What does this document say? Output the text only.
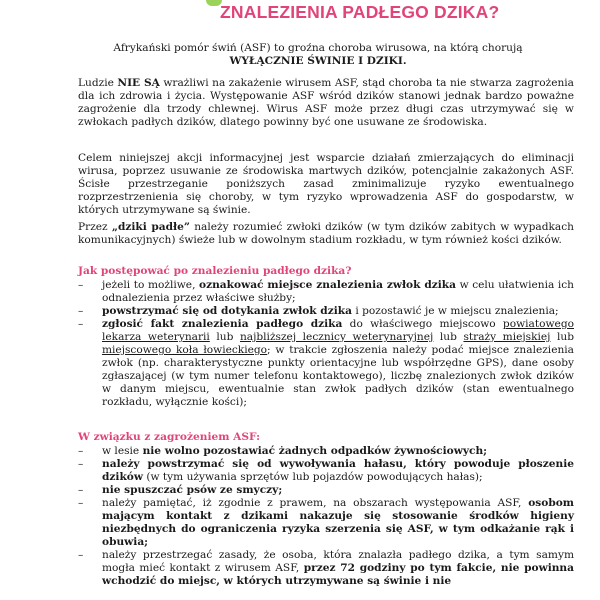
ZNALEZIENIA PADŁEGO DZIKA?

Afrykański pomór świń (ASF) to groźna choroba wirusowa, na którą chorują
WYŁĄCZNIE ŚWINIE I DZIKI.

Ludzie NIE SĄ wrażliwi na zakażenie wirusem ASF, stąd choroba ta nie stwarza zagrożenia dla ich zdrowia i życia. Występowanie ASF wśród dzików stanowi jednak bardzo poważne zagrożenie dla trzody chlewnej. Wirus ASF może przez długi czas utrzymywać się w zwłokach padłych dzików, dlatego powinny być one usuwane ze środowiska.

Celem niniejszej akcji informacyjnej jest wsparcie działań zmierzających do eliminacji wirusa, poprzez usuwanie ze środowiska martwych dzików, potencjalnie zakażonych ASF. Ścisłe przestrzeganie poniższych zasad zminimalizuje ryzyko ewentualnego rozprzestrzenienia się choroby, w tym ryzyko wprowadzenia ASF do gospodarstw, w których utrzymywane są świnie.

Przez „dziki padłe” należy rozumieć zwłoki dzików (w tym dzików zabitych w wypadkach komunikacyjnych) świeże lub w dowolnym stadium rozkładu, w tym również kości dzików.

Jak postępować po znalezieniu padłego dzika?

– jeżeli to możliwe, oznakować miejsce znalezienia zwłok dzika w celu ułatwienia ich odnalezienia przez właściwe służby;
– powstrzymać się od dotykania zwłok dzika i pozostawić je w miejscu znalezienia;
– zgłosić fakt znalezienia padłego dzika do właściwego miejscowo powiatowego lekarza weterynarii lub najbliższej lecznicy weterynaryjnej lub straży miejskiej lub miejscowego koła łowieckiego; w trakcie zgłoszenia należy podać miejsce znalezienia zwłok (np. charakterystyczne punkty orientacyjne lub współrzędne GPS), dane osoby zgłaszającej (w tym numer telefonu kontaktowego), liczbę znalezionych zwłok dzików w danym miejscu, ewentualnie stan zwłok padłych dzików (stan ewentualnego rozkładu, wyłącznie kości);

W związku z zagrożeniem ASF:

– w lesie nie wolno pozostawiać żadnych odpadków żywnościowych;
– należy powstrzymać się od wywoływania hałasu, który powoduje płoszenie dzików (w tym używania sprzętów lub pojazdów powodujących hałas);
– nie spuszczać psów ze smyczy;
– należy pamiętać, iż zgodnie z prawem, na obszarach występowania ASF, osobom mającym kontakt z dzikami nakazuje się stosowanie środków higieny niezbędnych do ograniczenia ryzyka szerzenia się ASF, w tym odkażanie rąk i obuwia;
– należy przestrzegać zasady, że osoba, która znalazła padłego dzika, a tym samym mogła mieć kontakt z wirusem ASF, przez 72 godziny po tym fakcie, nie powinna wchodzić do miejsc, w których utrzymywane są świnie i nie
